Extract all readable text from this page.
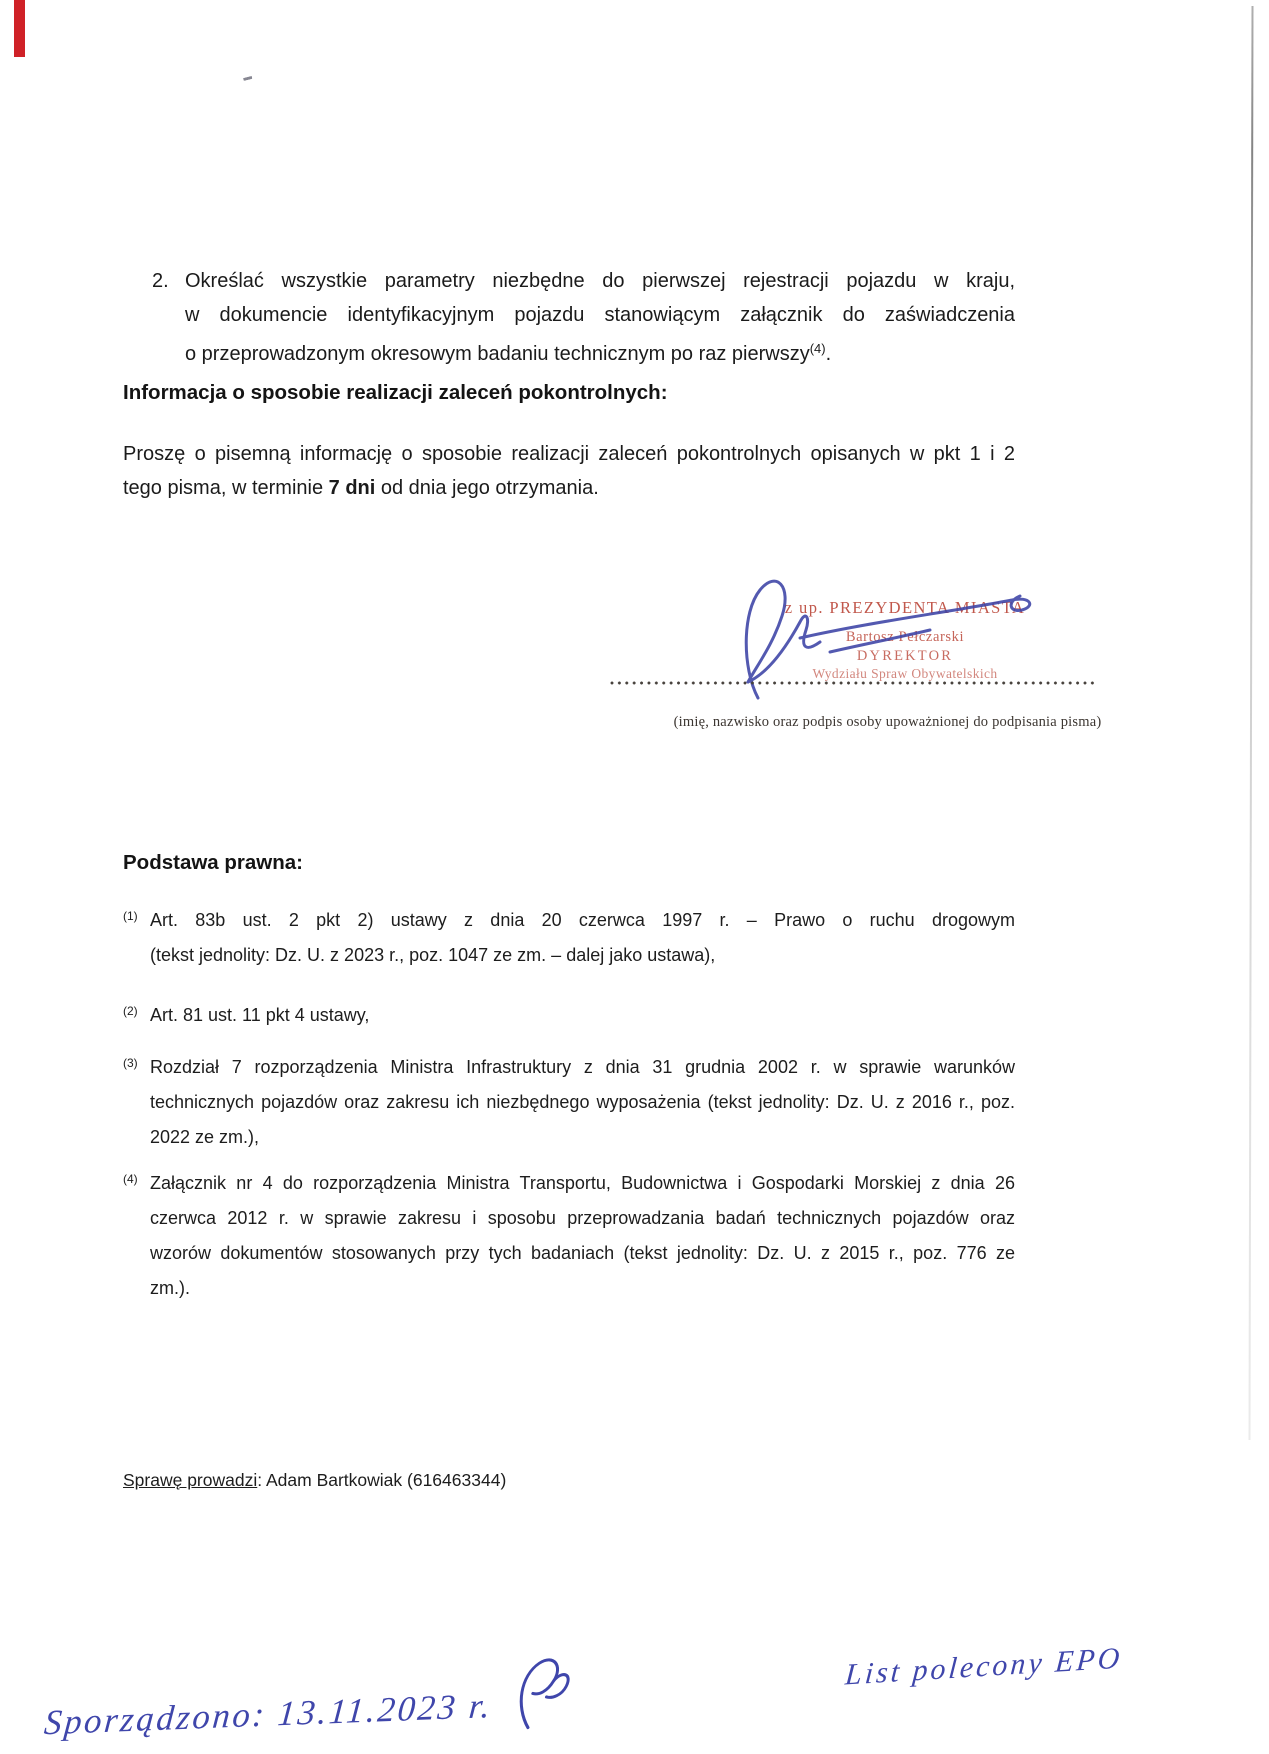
2. Określać wszystkie parametry niezbędne do pierwszej rejestracji pojazdu w kraju,
w dokumencie identyfikacyjnym pojazdu stanowiącym załącznik do zaświadczenia
o przeprowadzonym okresowym badaniu technicznym po raz pierwszy$^{(4)}$.
Informacja o sposobie realizacji zaleceń pokontrolnych:
Proszę o pisemną informację o sposobie realizacji zaleceń pokontrolnych opisanych w pkt 1 i 2
tego pisma, w terminie 7 dni od dnia jego otrzymania.
z up. PREZYDENTA MIASTA
Bartosz Pełczarski
DYREKTOR
Wydziału Spraw Obywatelskich
(imię, nazwisko oraz podpis osoby upoważnionej do podpisania pisma)
Podstawa prawna:
(1) Art. 83b ust. 2 pkt 2) ustawy z dnia 20 czerwca 1997 r. – Prawo o ruchu drogowym
(tekst jednolity: Dz. U. z 2023 r., poz. 1047 ze zm. – dalej jako ustawa),
(2) Art. 81 ust. 11 pkt 4 ustawy,
(3) Rozdział 7 rozporządzenia Ministra Infrastruktury z dnia 31 grudnia 2002 r. w sprawie warunków
technicznych pojazdów oraz zakresu ich niezbędnego wyposażenia (tekst jednolity: Dz. U. z 2016 r., poz.
2022 ze zm.),
(4) Załącznik nr 4 do rozporządzenia Ministra Transportu, Budownictwa i Gospodarki Morskiej z dnia 26
czerwca 2012 r. w sprawie zakresu i sposobu przeprowadzania badań technicznych pojazdów oraz
wzorów dokumentów stosowanych przy tych badaniach (tekst jednolity: Dz. U. z 2015 r., poz. 776 ze
zm.).
Sprawę prowadzi: Adam Bartkowiak (616463344)
Sporządzono: 13.11.2023 r.
List polecony EPO
